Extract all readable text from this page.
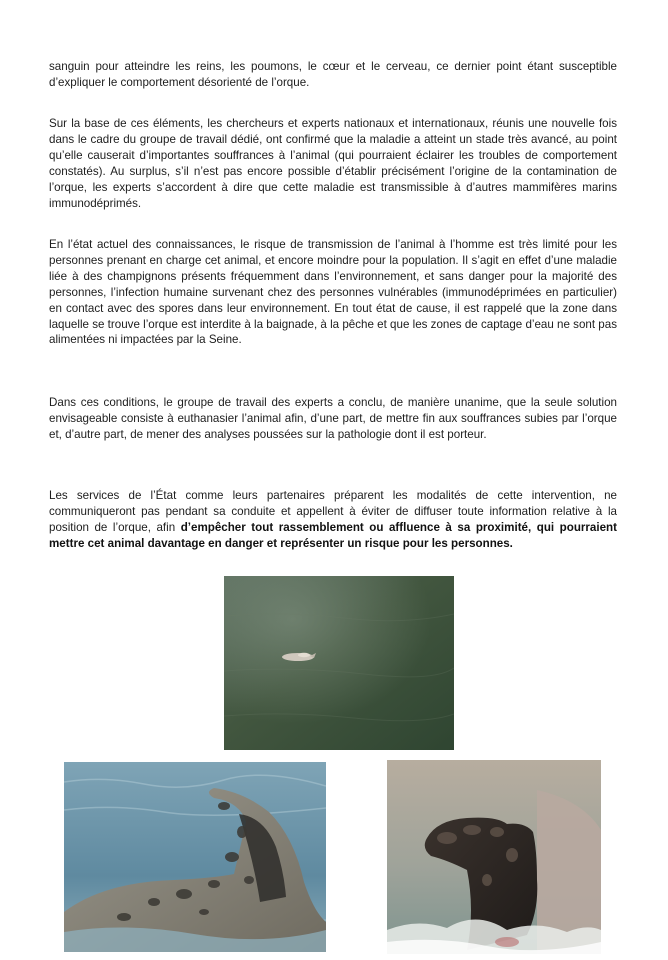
sanguin pour atteindre les reins, les poumons, le cœur et le cerveau, ce dernier point étant susceptible d’expliquer le comportement désorienté de l’orque.

Sur la base de ces éléments, les chercheurs et experts nationaux et internationaux, réunis une nouvelle fois dans le cadre du groupe de travail dédié, ont confirmé que la maladie a atteint un stade très avancé, au point qu’elle causerait d’importantes souffrances à l’animal (qui pourraient éclairer les troubles de comportement constatés). Au surplus, s’il n’est pas encore possible d’établir précisément l’origine de la contamination de l’orque, les experts s’accordent à dire que cette maladie est transmissible à d’autres mammifères marins immunodéprimés.

En l’état actuel des connaissances, le risque de transmission de l’animal à l’homme est très limité pour les personnes prenant en charge cet animal, et encore moindre pour la population. Il s’agit en effet d’une maladie liée à des champignons présents fréquemment dans l’environnement, et sans danger pour la majorité des personnes, l’infection humaine survenant chez des personnes vulnérables (immunodéprimées en particulier) en contact avec des spores dans leur environnement. En tout état de cause, il est rappelé que la zone dans laquelle se trouve l’orque est interdite à la baignade, à la pêche et que les zones de captage d’eau ne sont pas alimentées ni impactées par la Seine.

Dans ces conditions, le groupe de travail des experts a conclu, de manière unanime, que la seule solution envisageable consiste à euthanasier l’animal afin, d’une part, de mettre fin aux souffrances subies par l’orque et, d’autre part, de mener des analyses poussées sur la pathologie dont il est porteur.

Les services de l’État comme leurs partenaires préparent les modalités de cette intervention, ne communiqueront pas pendant sa conduite et appellent à éviter de diffuser toute information relative à la position de l’orque, afin d’empêcher tout rassemblement ou affluence à sa proximité, qui pourraient mettre cet animal davantage en danger et représenter un risque pour les personnes.
